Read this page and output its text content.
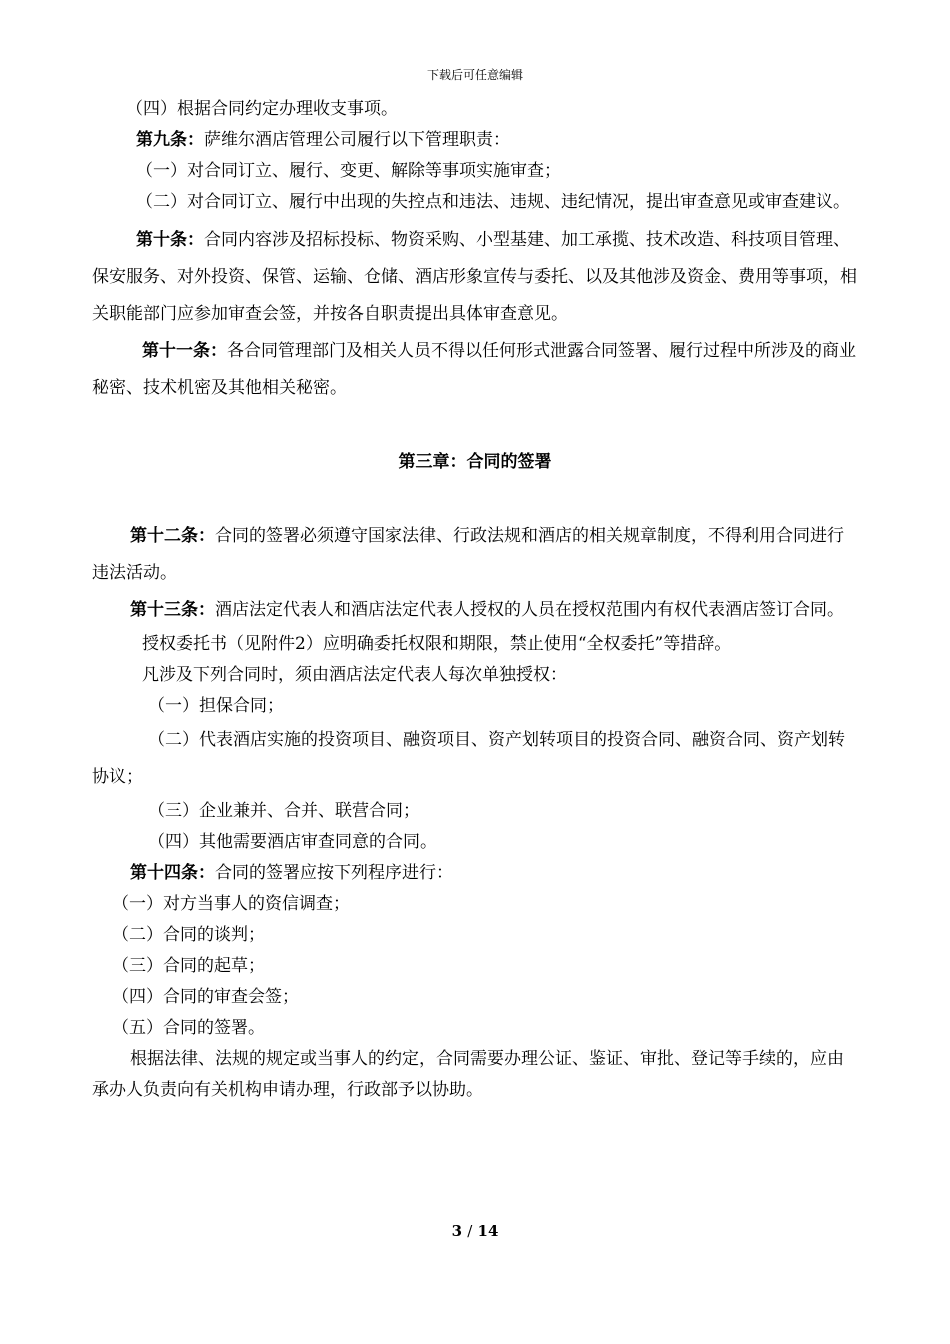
下载后可任意编辑

（四）根据合同约定办理收支事项。

第九条：萨维尔酒店管理公司履行以下管理职责：

（一）对合同订立、履行、变更、解除等事项实施审查；

（二）对合同订立、履行中出现的失控点和违法、违规、违纪情况，提出审查意见或审查建议。

第十条：合同内容涉及招标投标、物资采购、小型基建、加工承揽、技术改造、科技项目管理、保安服务、对外投资、保管、运输、仓储、酒店形象宣传与委托、以及其他涉及资金、费用等事项，相关职能部门应参加审查会签，并按各自职责提出具体审查意见。

第十一条：各合同管理部门及相关人员不得以任何形式泄露合同签署、履行过程中所涉及的商业秘密、技术机密及其他相关秘密。

第三章：合同的签署

第十二条：合同的签署必须遵守国家法律、行政法规和酒店的相关规章制度，不得利用合同进行违法活动。

第十三条：酒店法定代表人和酒店法定代表人授权的人员在授权范围内有权代表酒店签订合同。

授权委托书（见附件2）应明确委托权限和期限，禁止使用“全权委托”等措辞。

凡涉及下列合同时，须由酒店法定代表人每次单独授权：

（一）担保合同；

（二）代表酒店实施的投资项目、融资项目、资产划转项目的投资合同、融资合同、资产划转协议；

（三）企业兼并、合并、联营合同；

（四）其他需要酒店审查同意的合同。

第十四条：合同的签署应按下列程序进行：

（一）对方当事人的资信调查；

（二）合同的谈判；

（三）合同的起草；

（四）合同的审查会签；

（五）合同的签署。

根据法律、法规的规定或当事人的约定，合同需要办理公证、鉴证、审批、登记等手续的，应由承办人负责向有关机构申请办理，行政部予以协助。

3 / 14
